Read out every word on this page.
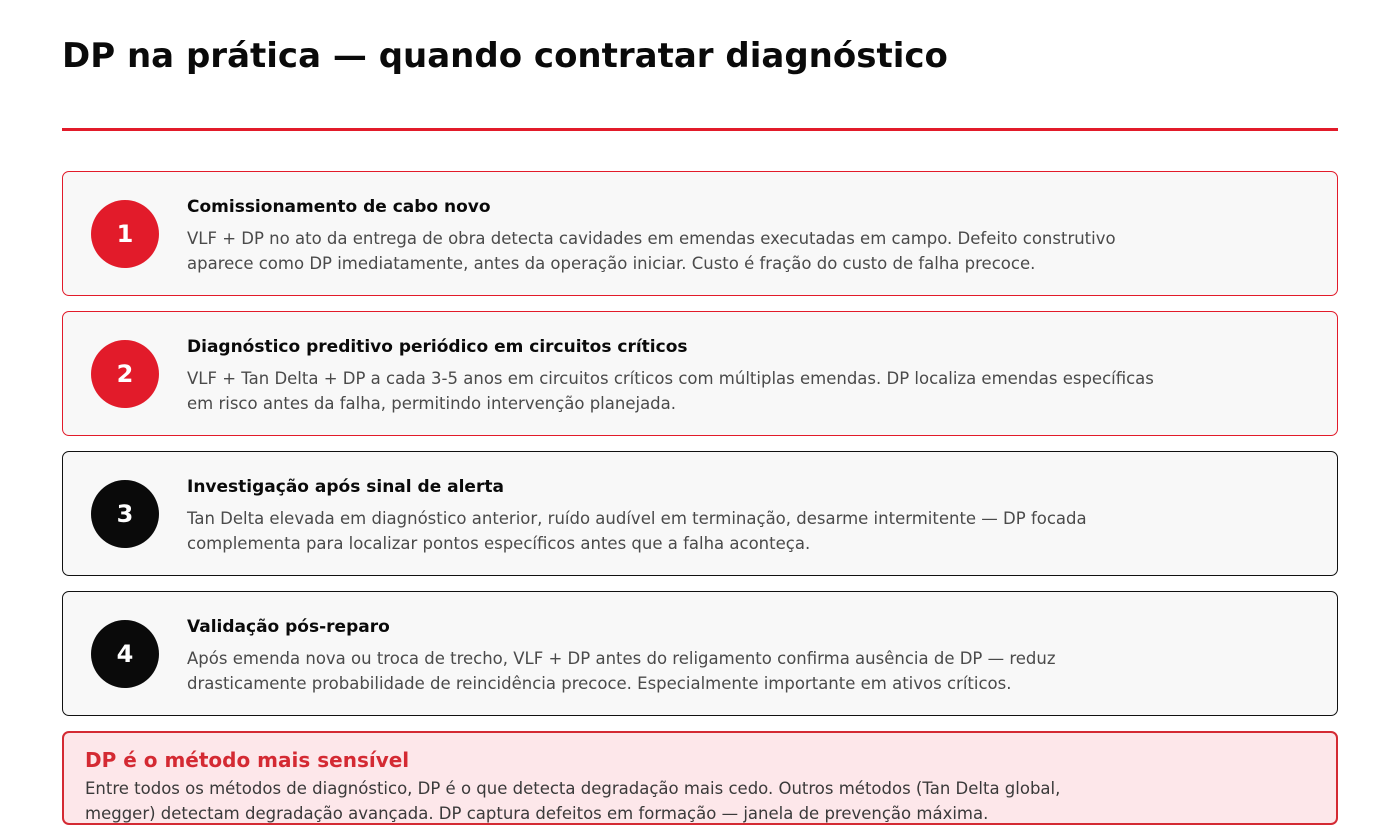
DP na prática — quando contratar diagnóstico
1
Comissionamento de cabo novo
VLF + DP no ato da entrega de obra detecta cavidades em emendas executadas em campo. Defeito construtivo aparece como DP imediatamente, antes da operação iniciar. Custo é fração do custo de falha precoce.
2
Diagnóstico preditivo periódico em circuitos críticos
VLF + Tan Delta + DP a cada 3-5 anos em circuitos críticos com múltiplas emendas. DP localiza emendas específicas em risco antes da falha, permitindo intervenção planejada.
3
Investigação após sinal de alerta
Tan Delta elevada em diagnóstico anterior, ruído audível em terminação, desarme intermitente — DP focada complementa para localizar pontos específicos antes que a falha aconteça.
4
Validação pós-reparo
Após emenda nova ou troca de trecho, VLF + DP antes do religamento confirma ausência de DP — reduz drasticamente probabilidade de reincidência precoce. Especialmente importante em ativos críticos.
DP é o método mais sensível
Entre todos os métodos de diagnóstico, DP é o que detecta degradação mais cedo. Outros métodos (Tan Delta global, megger) detectam degradação avançada. DP captura defeitos em formação — janela de prevenção máxima.
